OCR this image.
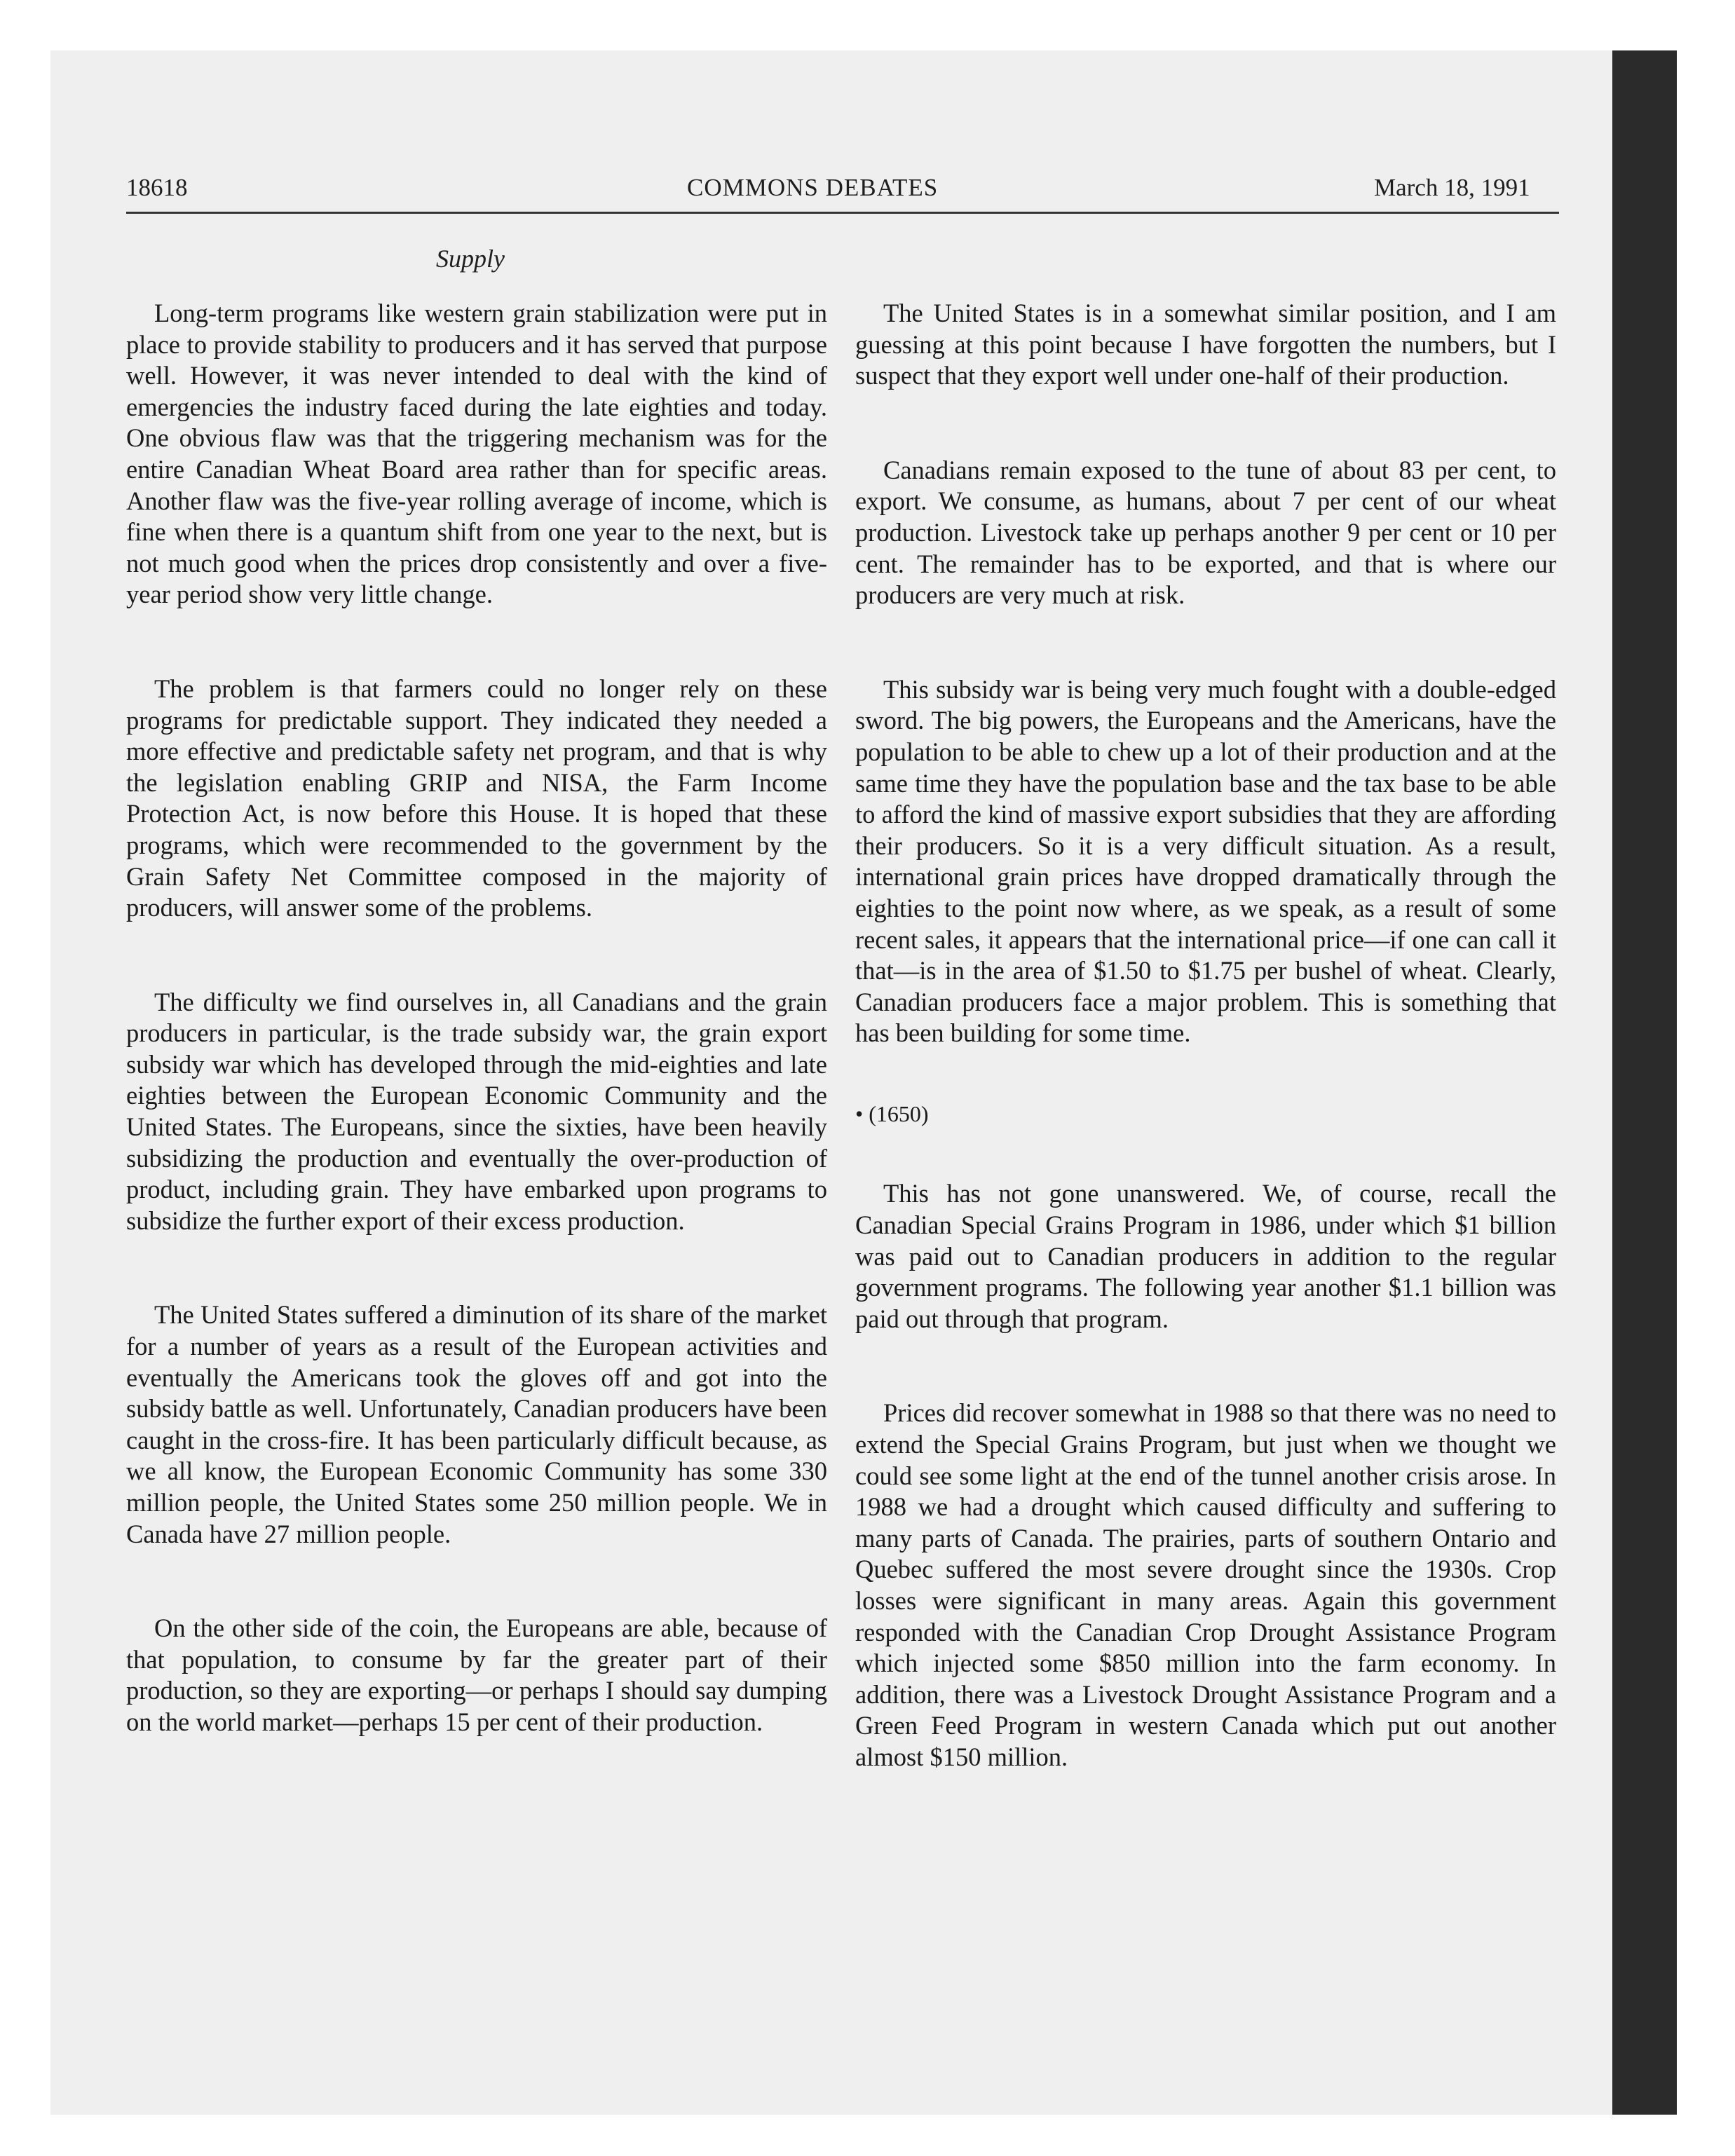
18618	COMMONS DEBATES	March 18, 1991
Supply

Long-term programs like western grain stabilization were put in place to provide stability to producers and it has served that purpose well. However, it was never intended to deal with the kind of emergencies the industry faced during the late eighties and today. One obvious flaw was that the triggering mechanism was for the entire Canadian Wheat Board area rather than for specific areas. Another flaw was the five-year rolling average of income, which is fine when there is a quantum shift from one year to the next, but is not much good when the prices drop consistently and over a five-year period show very little change.

The problem is that farmers could no longer rely on these programs for predictable support. They indicated they needed a more effective and predictable safety net program, and that is why the legislation enabling GRIP and NISA, the Farm Income Protection Act, is now before this House. It is hoped that these programs, which were recommended to the government by the Grain Safety Net Committee composed in the majority of producers, will answer some of the problems.

The difficulty we find ourselves in, all Canadians and the grain producers in particular, is the trade subsidy war, the grain export subsidy war which has developed through the mid-eighties and late eighties between the European Economic Community and the United States. The Europeans, since the sixties, have been heavily subsidizing the production and eventually the over-production of product, including grain. They have embarked upon programs to subsidize the further export of their excess production.

The United States suffered a diminution of its share of the market for a number of years as a result of the European activities and eventually the Americans took the gloves off and got into the subsidy battle as well. Unfortunately, Canadian producers have been caught in the cross-fire. It has been particularly difficult because, as we all know, the European Economic Community has some 330 million people, the United States some 250 million people. We in Canada have 27 million people.

On the other side of the coin, the Europeans are able, because of that population, to consume by far the greater part of their production, so they are exporting—or perhaps I should say dumping on the world market—perhaps 15 per cent of their production.

The United States is in a somewhat similar position, and I am guessing at this point because I have forgotten the numbers, but I suspect that they export well under one-half of their production.

Canadians remain exposed to the tune of about 83 per cent, to export. We consume, as humans, about 7 per cent of our wheat production. Livestock take up perhaps another 9 per cent or 10 per cent. The remainder has to be exported, and that is where our producers are very much at risk.

This subsidy war is being very much fought with a double-edged sword. The big powers, the Europeans and the Americans, have the population to be able to chew up a lot of their production and at the same time they have the population base and the tax base to be able to afford the kind of massive export subsidies that they are affording their producers. So it is a very difficult situation. As a result, international grain prices have dropped dramatically through the eighties to the point now where, as we speak, as a result of some recent sales, it appears that the international price—if one can call it that—is in the area of $1.50 to $1.75 per bushel of wheat. Clearly, Canadian producers face a major problem. This is something that has been building for some time.

• (1650)

This has not gone unanswered. We, of course, recall the Canadian Special Grains Program in 1986, under which $1 billion was paid out to Canadian producers in addition to the regular government programs. The following year another $1.1 billion was paid out through that program.

Prices did recover somewhat in 1988 so that there was no need to extend the Special Grains Program, but just when we thought we could see some light at the end of the tunnel another crisis arose. In 1988 we had a drought which caused difficulty and suffering to many parts of Canada. The prairies, parts of southern Ontario and Quebec suffered the most severe drought since the 1930s. Crop losses were significant in many areas. Again this government responded with the Canadian Crop Drought Assistance Program which injected some $850 million into the farm economy. In addition, there was a Livestock Drought Assistance Program and a Green Feed Program in western Canada which put out another almost $150 million.
